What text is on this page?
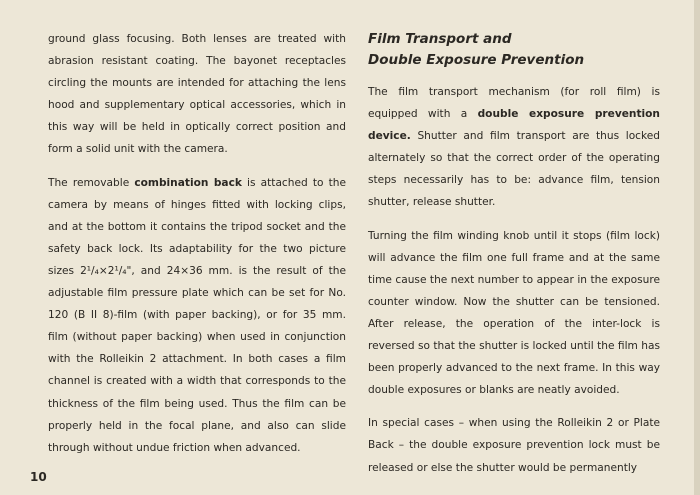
ground glass focusing. Both lenses are treated with abrasion resistant coating. The bayonet receptacles circling the mounts are intended for attaching the lens hood and supplementary optical accessories, which in this way will be held in optically correct position and form a solid unit with the camera.

The removable combination back is attached to the camera by means of hinges fitted with locking clips, and at the bottom it contains the tripod socket and the safety back lock. Its adaptability for the two picture sizes 2¹/₄×2¹/₄", and 24×36 mm. is the result of the adjustable film pressure plate which can be set for No. 120 (B II 8)-film (with paper backing), or for 35 mm. film (without paper backing) when used in conjunction with the Rolleikin 2 attachment. In both cases a film channel is created with a width that corresponds to the thickness of the film being used. Thus the film can be properly held in the focal plane, and also can slide through without undue friction when advanced.

Film Transport and
Double Exposure Prevention

The film transport mechanism (for roll film) is equipped with a double exposure prevention device. Shutter and film transport are thus locked alternately so that the correct order of the operating steps necessarily has to be: advance film, tension shutter, release shutter.

Turning the film winding knob until it stops (film lock) will advance the film one full frame and at the same time cause the next number to appear in the exposure counter window. Now the shutter can be tensioned. After release, the operation of the inter-lock is reversed so that the shutter is locked until the film has been properly advanced to the next frame. In this way double exposures or blanks are neatly avoided.

In special cases – when using the Rolleikin 2 or Plate Back – the double exposure prevention lock must be released or else the shutter would be permanently

10
